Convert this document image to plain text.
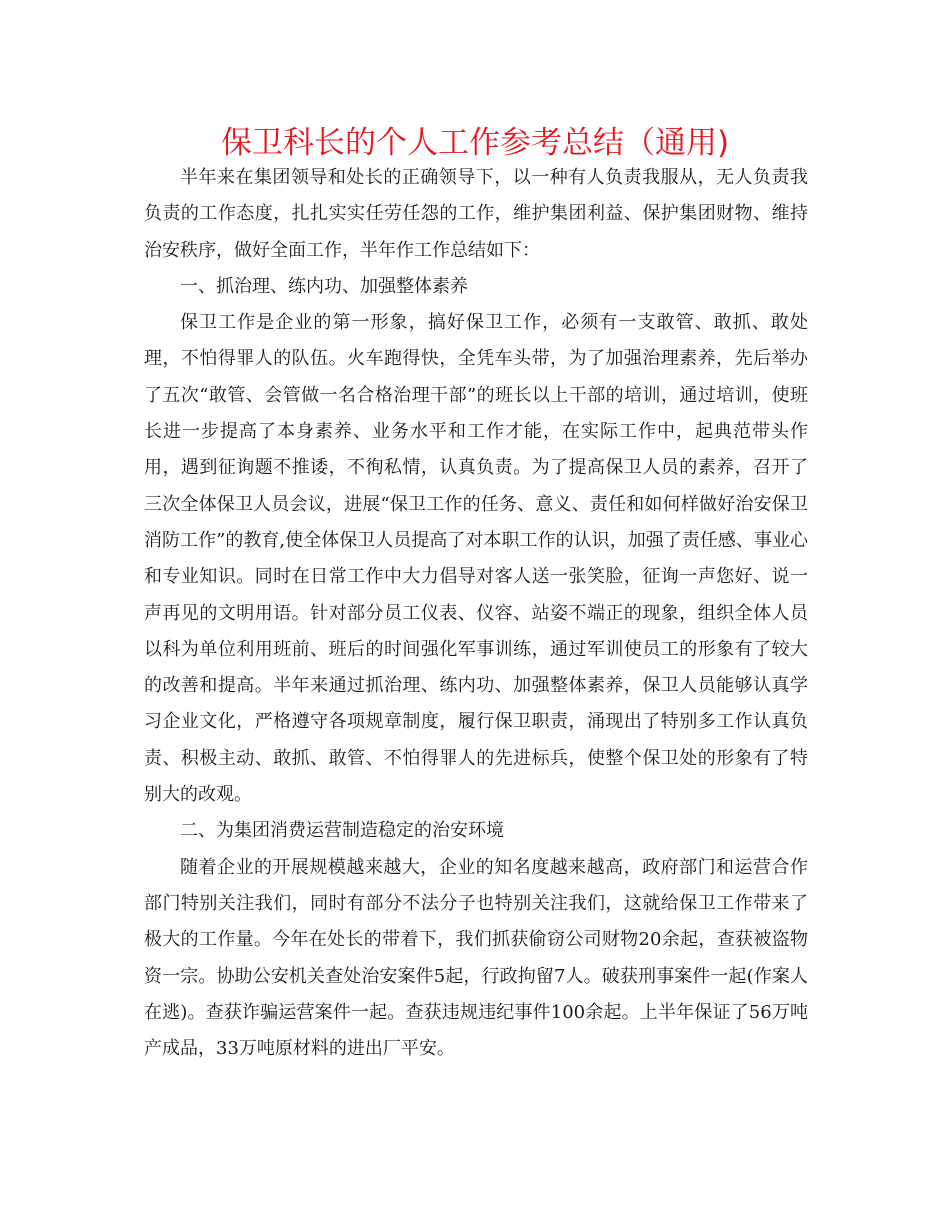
保卫科长的个人工作参考总结（通用)

半年来在集团领导和处长的正确领导下，以一种有人负责我服从，无人负责我负责的工作态度，扎扎实实任劳任怨的工作，维护集团利益、保护集团财物、维持治安秩序，做好全面工作，半年作工作总结如下：

一、抓治理、练内功、加强整体素养

保卫工作是企业的第一形象，搞好保卫工作，必须有一支敢管、敢抓、敢处理，不怕得罪人的队伍。火车跑得快，全凭车头带，为了加强治理素养，先后举办了五次“敢管、会管做一名合格治理干部”的班长以上干部的培训，通过培训，使班长进一步提高了本身素养、业务水平和工作才能，在实际工作中，起典范带头作用，遇到征询题不推诿，不徇私情，认真负责。为了提高保卫人员的素养，召开了三次全体保卫人员会议，进展“保卫工作的任务、意义、责任和如何样做好治安保卫消防工作”的教育,使全体保卫人员提高了对本职工作的认识，加强了责任感、事业心和专业知识。同时在日常工作中大力倡导对客人送一张笑脸，征询一声您好、说一声再见的文明用语。针对部分员工仪表、仪容、站姿不端正的现象，组织全体人员以科为单位利用班前、班后的时间强化军事训练，通过军训使员工的形象有了较大的改善和提高。半年来通过抓治理、练内功、加强整体素养，保卫人员能够认真学习企业文化，严格遵守各项规章制度，履行保卫职责，涌现出了特别多工作认真负责、积极主动、敢抓、敢管、不怕得罪人的先进标兵，使整个保卫处的形象有了特别大的改观。

二、为集团消费运营制造稳定的治安环境

随着企业的开展规模越来越大，企业的知名度越来越高，政府部门和运营合作部门特别关注我们，同时有部分不法分子也特别关注我们，这就给保卫工作带来了极大的工作量。今年在处长的带着下，我们抓获偷窃公司财物20余起，查获被盗物资一宗。协助公安机关查处治安案件5起，行政拘留7人。破获刑事案件一起(作案人在逃)。查获诈骗运营案件一起。查获违规违纪事件100余起。上半年保证了56万吨产成品，33万吨原材料的进出厂平安。
